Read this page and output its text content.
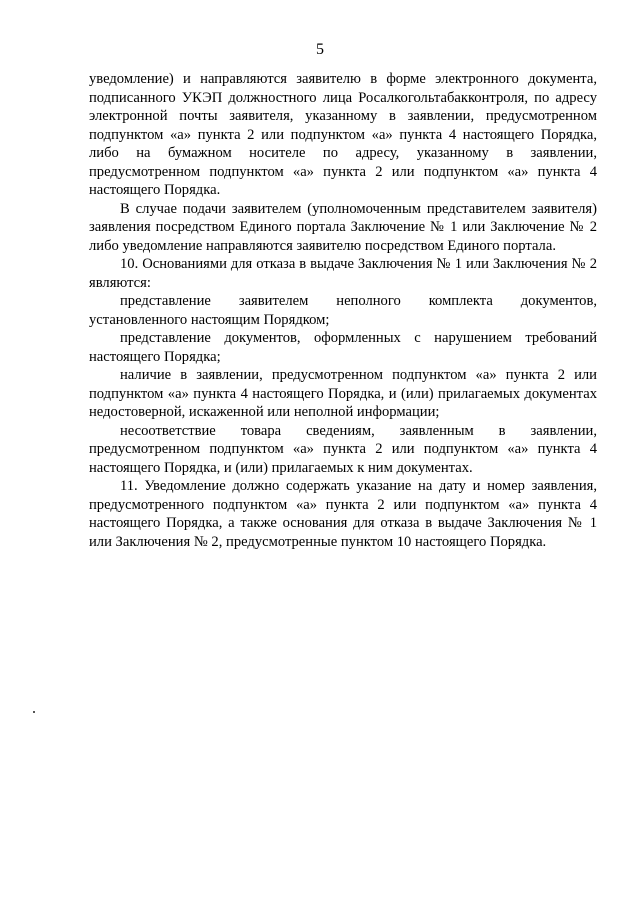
5

уведомление) и направляются заявителю в форме электронного документа, подписанного УКЭП должностного лица Росалкогольтабакконтроля, по адресу электронной почты заявителя, указанному в заявлении, предусмотренном подпунктом «а» пункта 2 или подпунктом «а» пункта 4 настоящего Порядка, либо на бумажном носителе по адресу, указанному в заявлении, предусмотренном подпунктом «а» пункта 2 или подпунктом «а» пункта 4 настоящего Порядка.

В случае подачи заявителем (уполномоченным представителем заявителя) заявления посредством Единого портала Заключение № 1 или Заключение № 2 либо уведомление направляются заявителю посредством Единого портала.

10. Основаниями для отказа в выдаче Заключения № 1 или Заключения № 2 являются:

представление заявителем неполного комплекта документов, установленного настоящим Порядком;

представление документов, оформленных с нарушением требований настоящего Порядка;

наличие в заявлении, предусмотренном подпунктом «а» пункта 2 или подпунктом «а» пункта 4 настоящего Порядка, и (или) прилагаемых документах недостоверной, искаженной или неполной информации;

несоответствие товара сведениям, заявленным в заявлении, предусмотренном подпунктом «а» пункта 2 или подпунктом «а» пункта 4 настоящего Порядка, и (или) прилагаемых к ним документах.

11. Уведомление должно содержать указание на дату и номер заявления, предусмотренного подпунктом «а» пункта 2 или подпунктом «а» пункта 4 настоящего Порядка, а также основания для отказа в выдаче Заключения № 1 или Заключения № 2, предусмотренные пунктом 10 настоящего Порядка.
